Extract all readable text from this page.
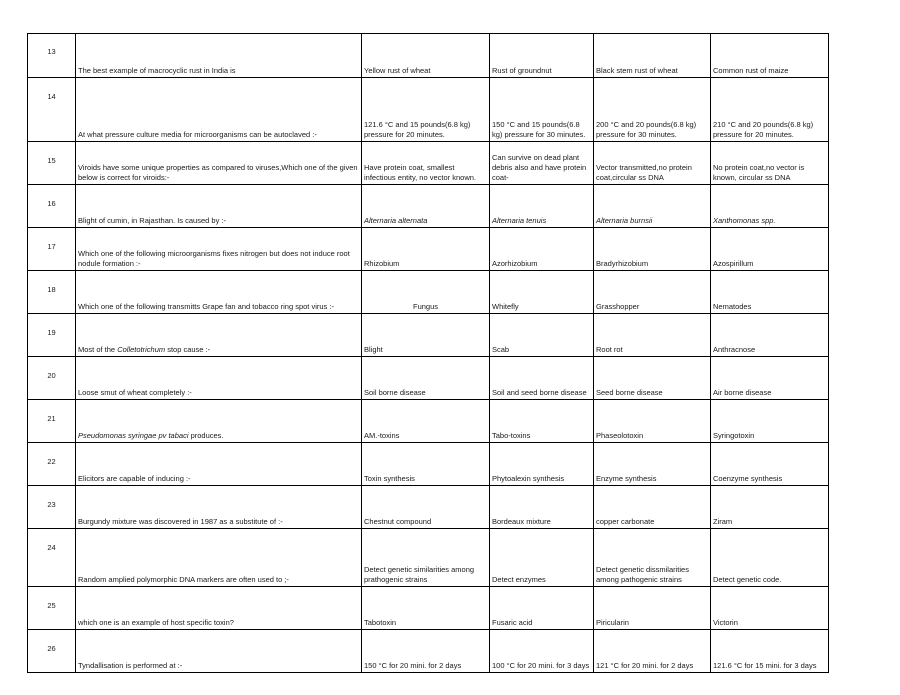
13	The best example of macrocyclic rust in India is	Yellow rust of wheat	Rust of groundnut	Black stem rust of wheat	Common rust of maize
14	At what pressure culture media for microorganisms can be autoclaved :-	121.6 °C and 15 pounds(6.8 kg) pressure for 20 minutes.	150 °C and 15 pounds(6.8 kg) pressure for 30 minutes.	200 °C and 20 pounds(6.8 kg) pressure for 30 minutes.	210 °C and 20 pounds(6.8 kg) pressure for 20 minutes.
15	Viroids have some unique properties as compared to viruses,Which one of the given below is correct for viroids:-	Have protein coat, smallest infectious entity, no vector known.	Can survive on dead plant debris also and have protein coat-	Vector transmitted,no protein coat,circular ss DNA	No protein coat,no vector is known, circular ss DNA
16	Blight of cumin, in Rajasthan. Is caused by :-	Alternaria alternata	Alternaria tenuis	Alternaria burnsii	Xanthomonas spp.
17	Which one of the following microorganisms fixes nitrogen but does not induce root nodule formation :-	Rhizobium	Azorhizobium	Bradyrhizobium	Azospirillum
18	Which one of the following transmitts Grape fan and tobacco ring spot virus :-	Fungus	Whitefly	Grasshopper	Nematodes
19	Most of the Colletotrichum stop cause :-	Blight	Scab	Root rot	Anthracnose
20	Loose smut of wheat completely :-	Soil borne disease	Soil and seed borne disease	Seed borne disease	Air borne disease
21	Pseudomonas syringae pv tabaci produces.	AM.-toxins	Tabo-toxins	Phaseolotoxin	Syringotoxin
22	Elicitors are capable of inducing :-	Toxin synthesis	Phytoalexin synthesis	Enzyme synthesis	Coenzyme synthesis
23	Burgundy mixture was discovered in 1987 as a substitute of :-	Chestnut compound	Bordeaux mixture	copper carbonate	Ziram
24	Random amplied polymorphic DNA markers are often used to ;-	Detect genetic similarities among prathogenic strains	Detect enzymes	Detect genetic dissmilarities among pathogenic strains	Detect genetic code.
25	which one is an example of host specific toxin?	Tabotoxin	Fusaric acid	Piricularin	Victorin
26	Tyndallisation is performed at :-	150 °C for 20 mini. for 2 days	100 °C for 20 mini. for 3 days	121 °C for 20 mini. for 2 days	121.6 °C for 15 mini. for 3 days
